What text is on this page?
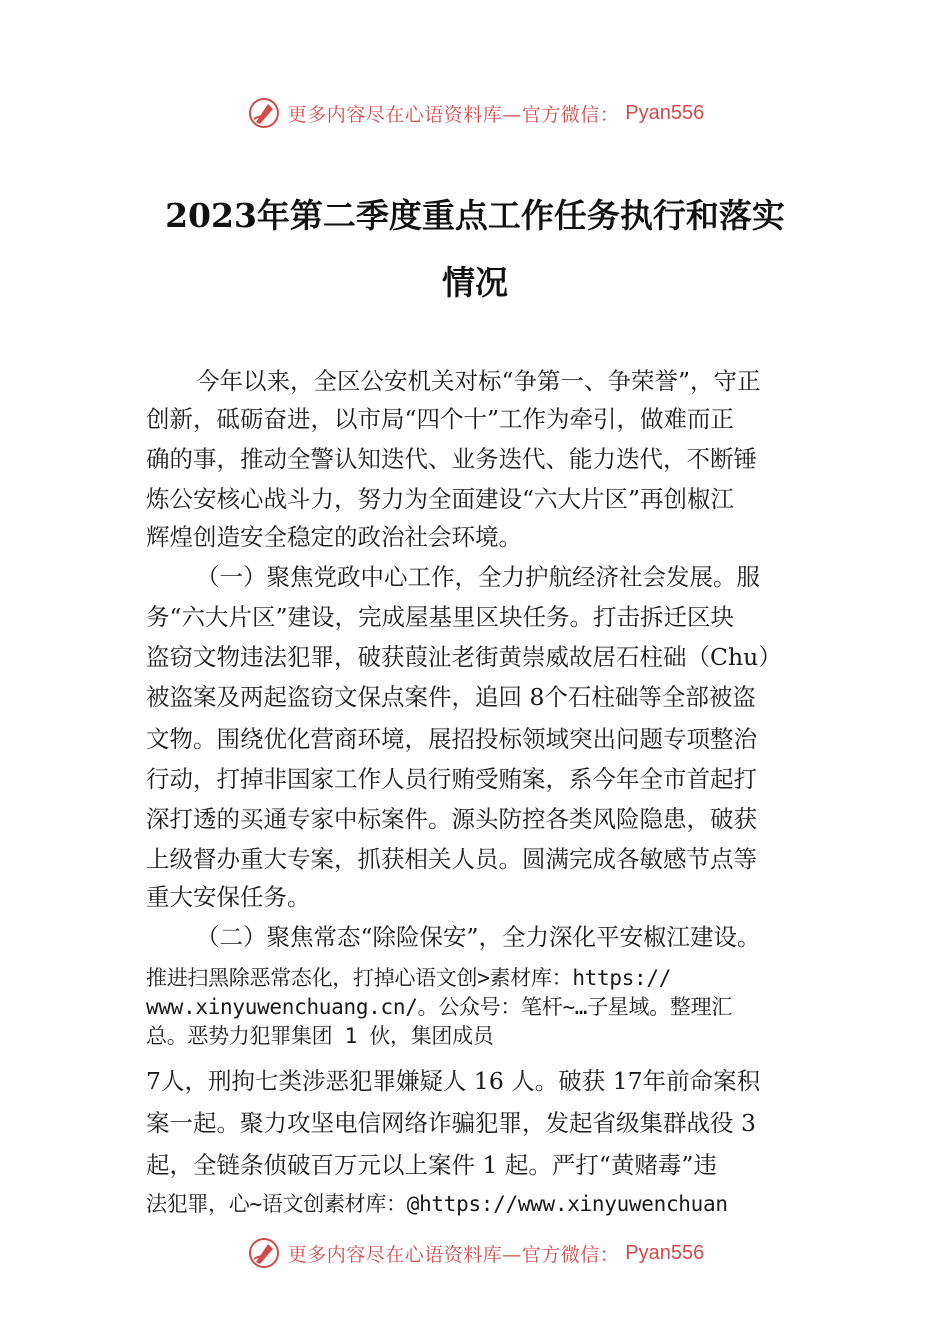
更多内容尽在心语资料库—官方微信： Pyan556
2023年第二季度重点工作任务执行和落实
情况
今年以来，全区公安机关对标“争第一、争荣誉”，守正
创新，砥砺奋进，以市局“四个十”工作为牵引，做难而正
确的事，推动全警认知迭代、业务迭代、能力迭代，不断锤
炼公安核心战斗力，努力为全面建设“六大片区”再创椒江
辉煌创造安全稳定的政治社会环境。
（一）聚焦党政中心工作，全力护航经济社会发展。服
务“六大片区”建设，完成屋基里区块任务。打击拆迁区块
盗窃文物违法犯罪，破获葭沚老街黄崇威故居石柱础（Chu）
被盗案及两起盗窃文保点案件，追回 8个石柱础等全部被盗
文物。围绕优化营商环境，展招投标领域突出问题专项整治
行动，打掉非国家工作人员行贿受贿案，系今年全市首起打
深打透的买通专家中标案件。源头防控各类风险隐患，破获
上级督办重大专案，抓获相关人员。圆满完成各敏感节点等
重大安保任务。
（二）聚焦常态“除险保安”，全力深化平安椒江建设。
推进扫黑除恶常态化，打掉心语文创>素材库：https://
www.xinyuwenchuang.cn/。公众号：笔杆~…子星域。整理汇
总。恶势力犯罪集团 1 伙，集团成员
7人，刑拘七类涉恶犯罪嫌疑人 16 人。破获 17年前命案积
案一起。聚力攻坚电信网络诈骗犯罪，发起省级集群战役 3
起，全链条侦破百万元以上案件 1 起。严打“黄赌毒”违
法犯罪，心~语文创素材库：@https://www.xinyuwenchuan
更多内容尽在心语资料库—官方微信： Pyan556
